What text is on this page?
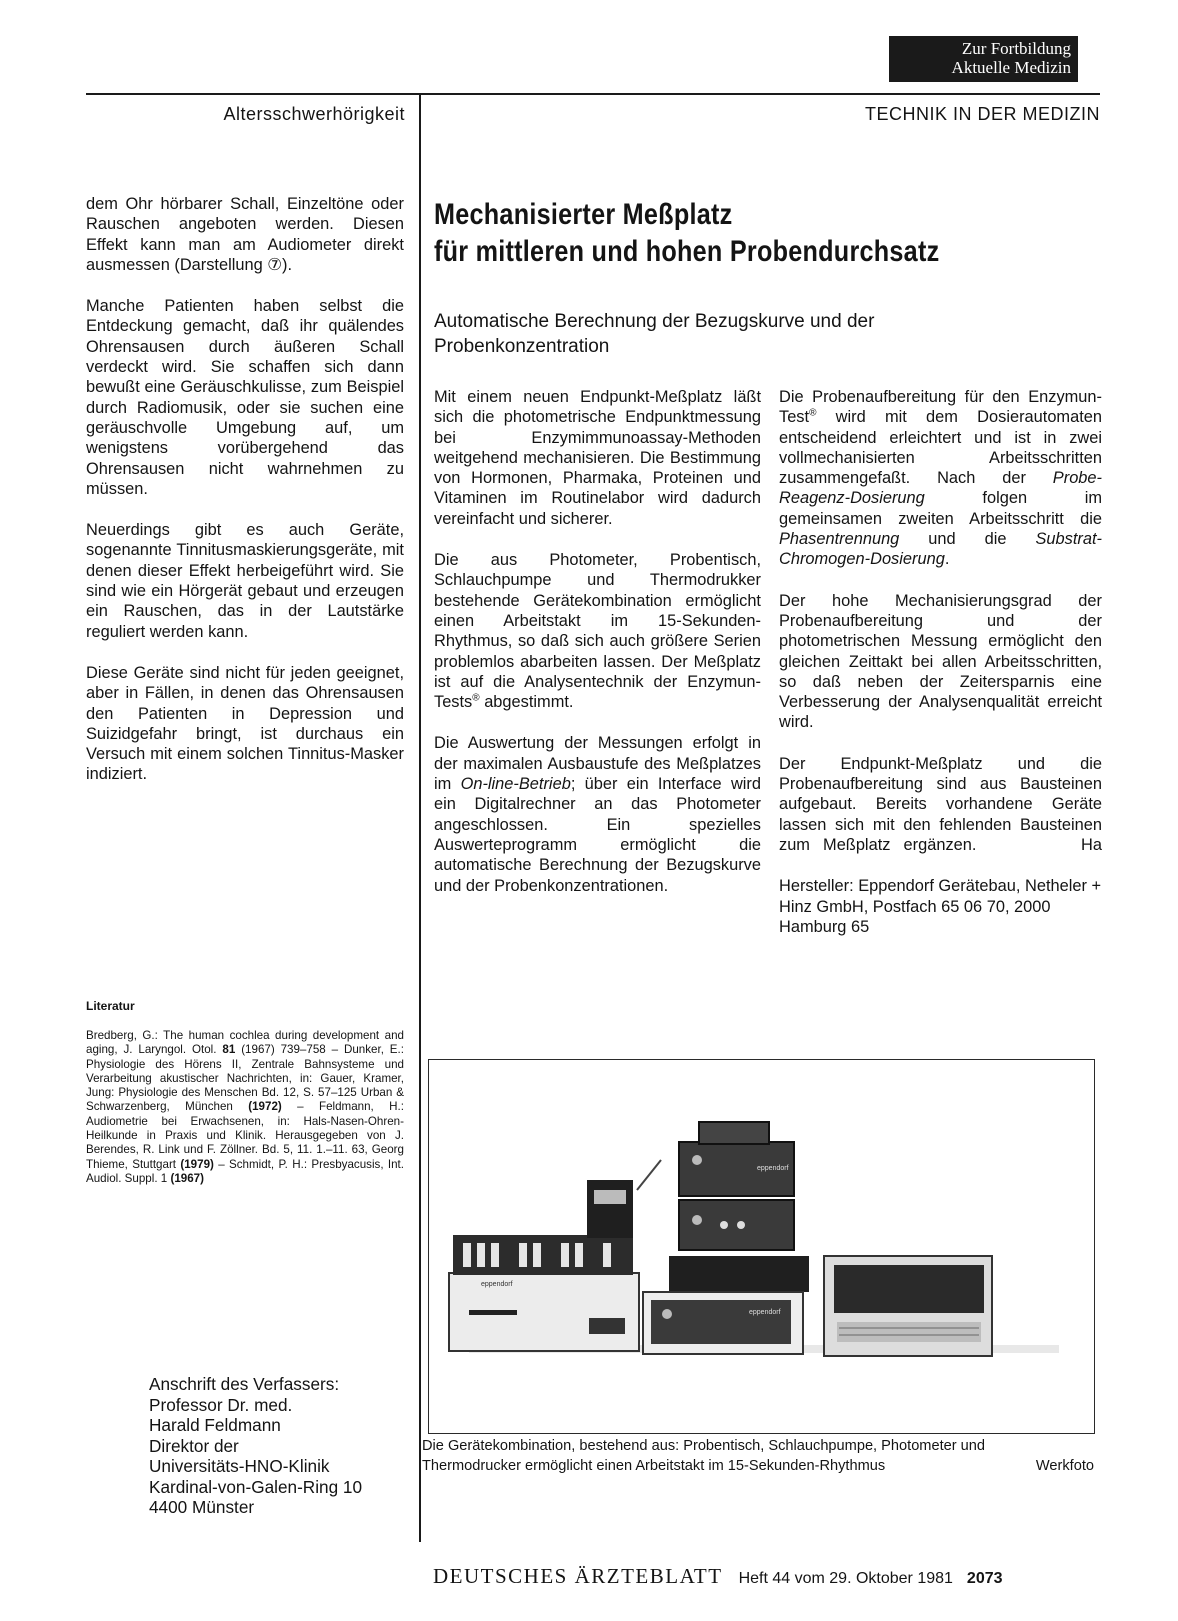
Zur Fortbildung
Aktuelle Medizin
Altersschwerhörigkeit	TECHNIK IN DER MEDIZIN

dem Ohr hörbarer Schall, Einzeltöne oder Rauschen angeboten werden. Diesen Effekt kann man am Audiometer direkt ausmessen (Darstellung ⑦).

Manche Patienten haben selbst die Entdeckung gemacht, daß ihr quälendes Ohrensausen durch äußeren Schall verdeckt wird. Sie schaffen sich dann bewußt eine Geräuschkulisse, zum Beispiel durch Radiomusik, oder sie suchen eine geräuschvolle Umgebung auf, um wenigstens vorübergehend das Ohrensausen nicht wahrnehmen zu müssen.

Neuerdings gibt es auch Geräte, sogenannte Tinnitusmaskierungsgeräte, mit denen dieser Effekt herbeigeführt wird. Sie sind wie ein Hörgerät gebaut und erzeugen ein Rauschen, das in der Lautstärke reguliert werden kann.

Diese Geräte sind nicht für jeden geeignet, aber in Fällen, in denen das Ohrensausen den Patienten in Depression und Suizidgefahr bringt, ist durchaus ein Versuch mit einem solchen Tinnitus-Masker indiziert.

Literatur
Bredberg, G.: The human cochlea during development and aging, J. Laryngol. Otol. 81 (1967) 739–758 – Dunker, E.: Physiologie des Hörens II, Zentrale Bahnsysteme und Verarbeitung akustischer Nachrichten, in: Gauer, Kramer, Jung: Physiologie des Menschen Bd. 12, S. 57–125 Urban & Schwarzenberg, München (1972) – Feldmann, H.: Audiometrie bei Erwachsenen, in: Hals-Nasen-Ohren-Heilkunde in Praxis und Klinik. Herausgegeben von J. Berendes, R. Link und F. Zöllner. Bd. 5, 11. 1.–11. 63, Georg Thieme, Stuttgart (1979) – Schmidt, P. H.: Presbyacusis, Int. Audiol. Suppl. 1 (1967)
Anschrift des Verfassers:
Professor Dr. med.
Harald Feldmann
Direktor der
Universitäts-HNO-Klinik
Kardinal-von-Galen-Ring 10
4400 Münster
Mechanisierter Meßplatz
für mittleren und hohen Probendurchsatz
Automatische Berechnung der Bezugskurve und der Probenkonzentration

Mit einem neuen Endpunkt-Meßplatz läßt sich die photometrische Endpunktmessung bei Enzymimmunoassay-Methoden weitgehend mechanisieren. Die Bestimmung von Hormonen, Pharmaka, Proteinen und Vitaminen im Routinelabor wird dadurch vereinfacht und sicherer.

Die aus Photometer, Probentisch, Schlauchpumpe und Thermodrukker bestehende Gerätekombination ermöglicht einen Arbeitstakt im 15-Sekunden-Rhythmus, so daß sich auch größere Serien problemlos abarbeiten lassen. Der Meßplatz ist auf die Analysentechnik der Enzymun-Tests® abgestimmt.

Die Auswertung der Messungen erfolgt in der maximalen Ausbaustufe des Meßplatzes im On-line-Betrieb; über ein Interface wird ein Digitalrechner an das Photometer angeschlossen. Ein spezielles Auswerteprogramm ermöglicht die automatische Berechnung der Bezugskurve und der Probenkonzentrationen.

Die Probenaufbereitung für den Enzymun-Test® wird mit dem Dosierautomaten entscheidend erleichtert und ist in zwei vollmechanisierten Arbeitsschritten zusammengefaßt. Nach der Probe-Reagenz-Dosierung folgen im gemeinsamen zweiten Arbeitsschritt die Phasentrennung und die Substrat-Chromogen-Dosierung.

Der hohe Mechanisierungsgrad der Probenaufbereitung und der photometrischen Messung ermöglicht den gleichen Zeittakt bei allen Arbeitsschritten, so daß neben der Zeitersparnis eine Verbesserung der Analysenqualität erreicht wird.

Der Endpunkt-Meßplatz und die Probenaufbereitung sind aus Bausteinen aufgebaut. Bereits vorhandene Geräte lassen sich mit den fehlenden Bausteinen zum Meßplatz ergänzen.	Ha

Hersteller: Eppendorf Gerätebau, Netheler + Hinz GmbH, Postfach 65 06 70, 2000 Hamburg 65

eppendorf
eppendorf
eppendorf
Die Gerätekombination, bestehend aus: Probentisch, Schlauchpumpe, Photometer und
Thermodrucker ermöglicht einen Arbeitstakt im 15-Sekunden-Rhythmus	Werkfoto
DEUTSCHES ÄRZTEBLATT Heft 44 vom 29. Oktober 1981 2073
